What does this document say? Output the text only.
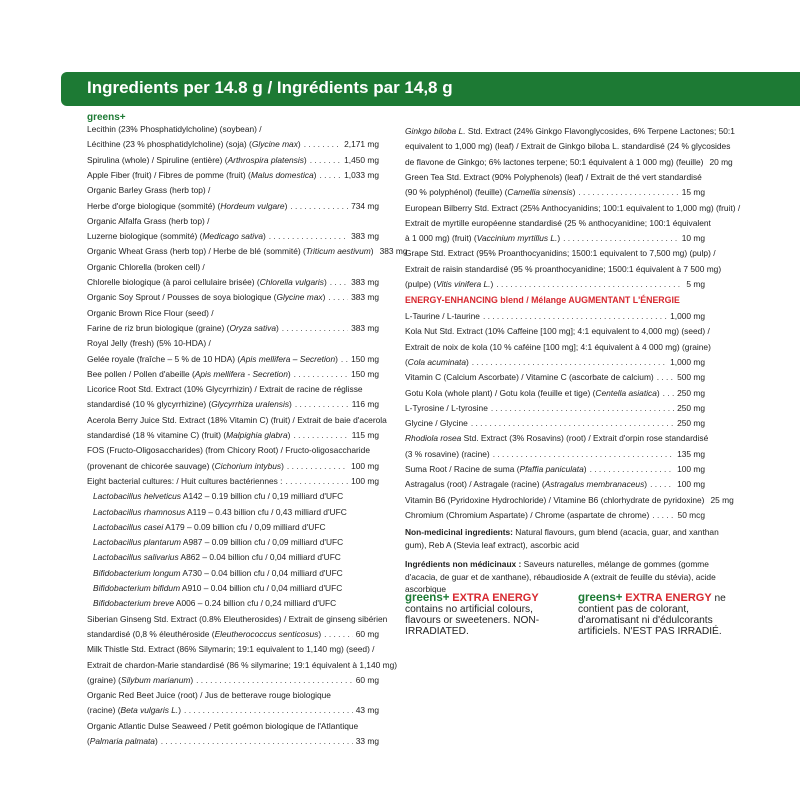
Ingredients per 14.8 g / Ingrédients par 14,8 g
greens+
Lecithin (23% Phosphatidylcholine) (soybean) /
Lécithine (23 % phosphatidylcholine) (soja) (Glycine max) . . .	2,171 mg
Spirulina (whole) / Spiruline (entière) (Arthrospira platensis) . . .	1,450 mg
Apple Fiber (fruit) / Fibres de pomme (fruit) (Malus domestica) . . .	1,033 mg
Organic Barley Grass (herb top) /
Herbe d'orge biologique (sommité) (Hordeum vulgare) . . .	734 mg
Organic Alfalfa Grass (herb top) /
Luzerne biologique (sommité) (Medicago sativa) . . .	383 mg
Organic Wheat Grass (herb top) / Herbe de blé (sommité) (Triticum aestivum) 383 mg
Organic Chlorella (broken cell) /
Chlorelle biologique (à paroi cellulaire brisée) (Chlorella vulgaris) . . .	383 mg
Organic Soy Sprout / Pousses de soya biologique (Glycine max) . . .	383 mg
Organic Brown Rice Flour (seed) /
Farine de riz brun biologique (graine) (Oryza sativa) . . .	383 mg
Royal Jelly (fresh) (5% 10-HDA) /
Gelée royale (fraîche – 5 % de 10 HDA) (Apis mellifera – Secretion) . . . 150 mg
Bee pollen / Pollen d'abeille (Apis mellifera - Secretion) . . .	150 mg
Licorice Root Std. Extract (10% Glycyrrhizin) / Extrait de racine de réglisse
standardisé (10 % glycyrrhizine) (Glycyrrhiza uralensis) . . .	116 mg
Acerola Berry Juice Std. Extract (18% Vitamin C) (fruit) / Extrait de baie d'acerola
standardisé (18 % vitamine C) (fruit) (Malpighia glabra) . . .	115 mg
FOS (Fructo-Oligosaccharides) (from Chicory Root) / Fructo-oligosaccharide
(provenant de chicorée sauvage) (Cichorium intybus) . . .	100 mg
Eight bacterial cultures: / Huit cultures bactériennes : . . .	100 mg
Lactobacillus helveticus A142 – 0.19 billion cfu / 0,19 milliard d'UFC
Lactobacillus rhamnosus A119 – 0.43 billion cfu / 0,43 milliard d'UFC
Lactobacillus casei A179 – 0.09 billion cfu / 0,09 milliard d'UFC
Lactobacillus plantarum A987 – 0.09 billion cfu / 0,09 milliard d'UFC
Lactobacillus salivarius A862 – 0.04 billion cfu / 0,04 milliard d'UFC
Bifidobacterium longum A730 – 0.04 billion cfu / 0,04 milliard d'UFC
Bifidobacterium bifidum A910 – 0.04 billion cfu / 0,04 milliard d'UFC
Bifidobacterium breve A006 – 0.24 billion cfu / 0,24 milliard d'UFC
Siberian Ginseng Std. Extract (0.8% Eleutherosides) / Extrait de ginseng sibérien
standardisé (0,8 % éleuthéroside (Eleutherococcus senticosus) . . .	60 mg
Milk Thistle Std. Extract (86% Silymarin; 19:1 equivalent to 1,140 mg) (seed) /
Extrait de chardon-Marie standardisé (86 % silymarine; 19:1 équivalent à 1,140 mg)
(graine) (Silybum marianum) . . .	60 mg
Organic Red Beet Juice (root) / Jus de betterave rouge biologique
(racine) (Beta vulgaris L.) . . .	43 mg
Organic Atlantic Dulse Seaweed / Petit goémon biologique de l'Atlantique
(Palmaria palmata) . . .	33 mg
Ginkgo biloba L. Std. Extract (24% Ginkgo Flavonglycosides, 6% Terpene Lactones; 50:1
equivalent to 1,000 mg) (leaf) / Extrait de Ginkgo biloba L. standardisé (24 % glycosides
de flavone de Ginkgo; 6% lactones terpene; 50:1 équivalent à 1 000 mg) (feuille) 20 mg
Green Tea Std. Extract (90% Polyphenols) (leaf) / Extrait de thé vert standardisé
(90 % polyphénol) (feuille) (Camellia sinensis) . . .	15 mg
European Bilberry Std. Extract (25% Anthocyanidins; 100:1 equivalent to 1,000 mg) (fruit) /
Extrait de myrtille européenne standardisé (25 % anthocyanidine; 100:1 équivalent
à 1 000 mg) (fruit) (Vaccinium myrtillus L.) . . .	10 mg
Grape Std. Extract (95% Proanthocyanidins; 1500:1 equivalent to 7,500 mg) (pulp) /
Extrait de raisin standardisé (95 % proanthocyanidine; 1500:1 équivalent à 7 500 mg)
(pulpe) (Vitis vinifera L.) . . .	5 mg
ENERGY-ENHANCING blend / Mélange AUGMENTANT L'ÉNERGIE
L-Taurine / L-taurine . . .	1,000 mg
Kola Nut Std. Extract (10% Caffeine [100 mg]; 4:1 equivalent to 4,000 mg) (seed) /
Extrait de noix de kola (10 % caféine [100 mg]; 4:1 équivalent à 4 000 mg) (graine)
(Cola acuminata) . . .	1,000 mg
Vitamin C (Calcium Ascorbate) / Vitamine C (ascorbate de calcium) . . .	500 mg
Gotu Kola (whole plant) / Gotu kola (feuille et tige) (Centella asiatica) . . . 250 mg
L-Tyrosine / L-tyrosine . . .	250 mg
Glycine / Glycine . . .	250 mg
Rhodiola rosea Std. Extract (3% Rosavins) (root) / Extrait d'orpin rose standardisé
(3 % rosavine) (racine) . . .	135 mg
Suma Root / Racine de suma (Pfaffia paniculata) . . .	100 mg
Astragalus (root) / Astragale (racine) (Astragalus membranaceus) . . .	100 mg
Vitamin B6 (Pyridoxine Hydrochloride) / Vitamine B6 (chlorhydrate de pyridoxine) 25 mg
Chromium (Chromium Aspartate) / Chrome (aspartate de chrome) . . .	50 mcg
Non-medicinal ingredients: Natural flavours, gum blend (acacia, guar, and xanthan gum), Reb A (Stevia leaf extract), ascorbic acid
Ingrédients non médicinaux : Saveurs naturelles, mélange de gommes (gomme d'acacia, de guar et de xanthane), rébaudioside A (extrait de feuille du stévia), acide ascorbique
greens+ EXTRA ENERGY
contains no artificial colours, flavours or sweeteners. NON-IRRADIATED.
greens+ EXTRA ENERGY ne
contient pas de colorant, d'aromatisant ni d'édulcorants artificiels. N'EST PAS IRRADIÉ.
